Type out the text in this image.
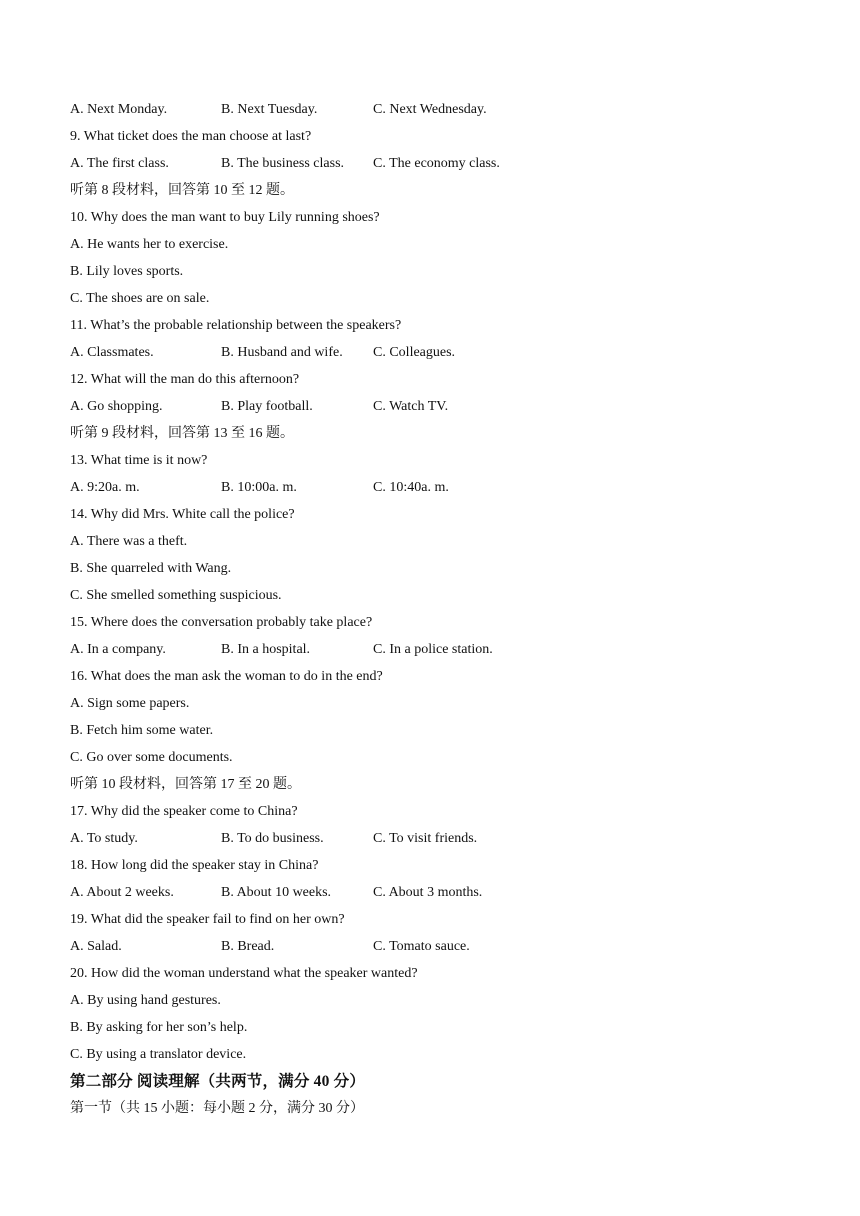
A. Next Monday.	B. Next Tuesday.	C. Next Wednesday.
9. What ticket does the man choose at last?
A. The first class.	B. The business class. C. The economy class.
听第 8 段材料，回答第 10 至 12 题。
10. Why does the man want to buy Lily running shoes?
A. He wants her to exercise.
B. Lily loves sports.
C. The shoes are on sale.
11. What’s the probable relationship between the speakers?
A. Classmates.	B. Husband and wife. C. Colleagues.
12. What will the man do this afternoon?
A. Go shopping.	B. Play football.	C. Watch TV.
听第 9 段材料，回答第 13 至 16 题。
13. What time is it now?
A. 9:20a. m.	B. 10:00a. m.	C. 10:40a. m.
14. Why did Mrs. White call the police?
A. There was a theft.
B. She quarreled with Wang.
C. She smelled something suspicious.
15. Where does the conversation probably take place?
A. In a company.	B. In a hospital.	C. In a police station.
16. What does the man ask the woman to do in the end?
A. Sign some papers.
B. Fetch him some water.
C. Go over some documents.
听第 10 段材料，回答第 17 至 20 题。
17. Why did the speaker come to China?
A. To study.	B. To do business.	C. To visit friends.
18. How long did the speaker stay in China?
A. About 2 weeks.	B. About 10 weeks.	C. About 3 months.
19. What did the speaker fail to find on her own?
A. Salad.	B. Bread.	C. Tomato sauce.
20. How did the woman understand what the speaker wanted?
A. By using hand gestures.
B. By asking for her son’s help.
C. By using a translator device.
第二部分 阅读理解（共两节，满分 40 分）
第一节（共 15 小题：每小题 2 分，满分 30 分）
